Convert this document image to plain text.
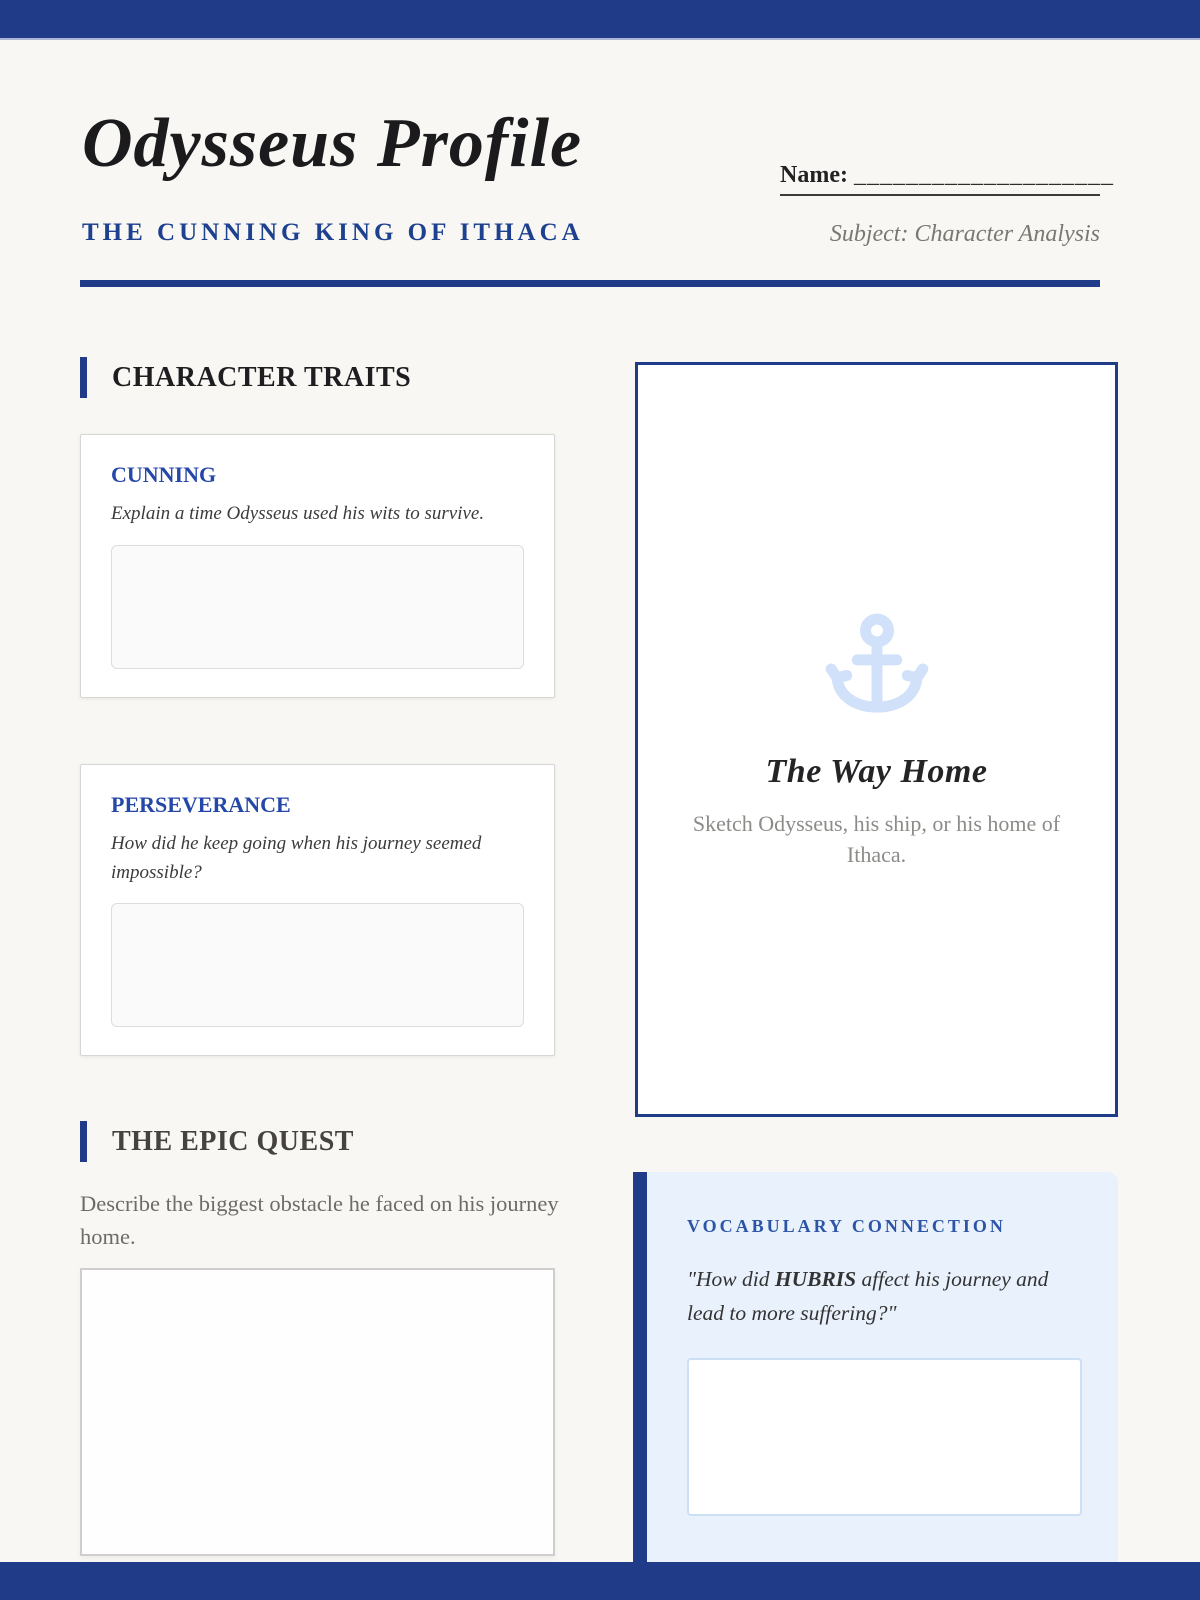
Odysseus Profile
THE CUNNING KING OF ITHACA
Name: ____________________
Subject: Character Analysis
CHARACTER TRAITS
CUNNING
Explain a time Odysseus used his wits to survive.
PERSEVERANCE
How did he keep going when his journey seemed impossible?
THE EPIC QUEST
Describe the biggest obstacle he faced on his journey home.
The Way Home
Sketch Odysseus, his ship, or his home of Ithaca.
VOCABULARY CONNECTION
"How did HUBRIS affect his journey and lead to more suffering?"
